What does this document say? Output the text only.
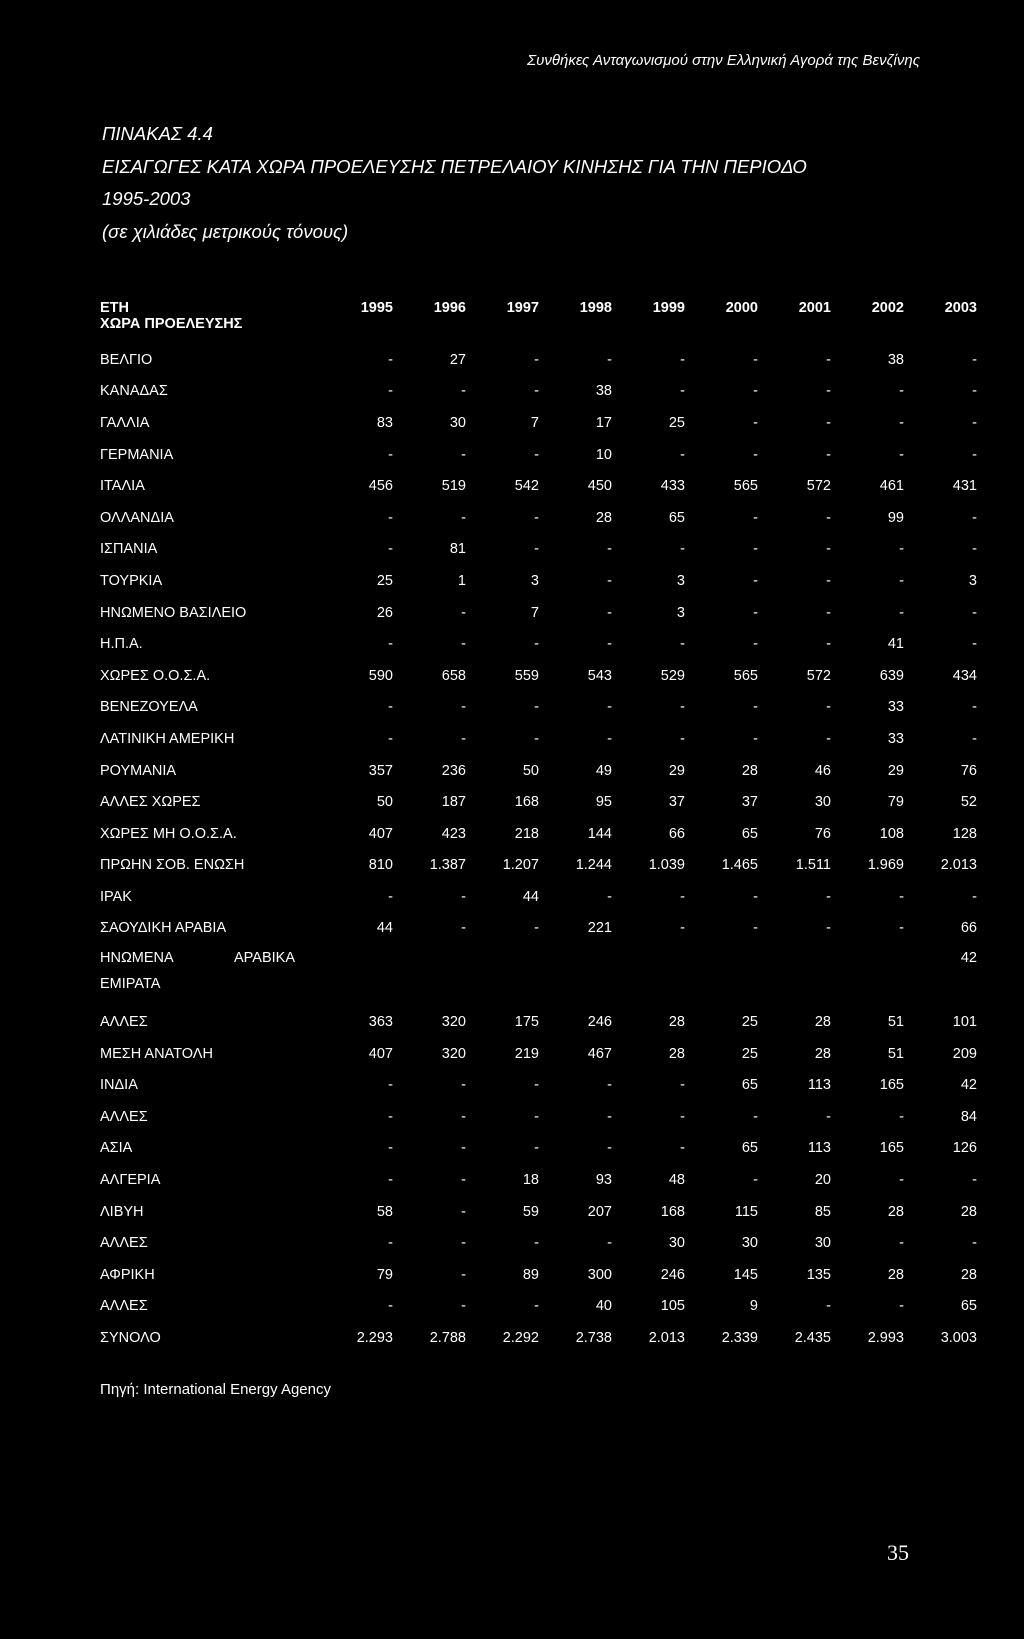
Συνθήκες Ανταγωνισμού στην Ελληνική Αγορά της Βενζίνης
ΠΙΝΑΚΑΣ 4.4
ΕΙΣΑΓΩΓΕΣ ΚΑΤΑ ΧΩΡΑ ΠΡΟΕΛΕΥΣΗΣ ΠΕΤΡΕΛΑΙΟΥ ΚΙΝΗΣΗΣ ΓΙΑ ΤΗΝ ΠΕΡΙΟΔΟ
1995-2003
(σε χιλιάδες μετρικούς τόνους)
ΕΤΗ	1995	1996	1997	1998	1999	2000	2001	2002	2003
ΧΩΡΑ ΠΡΟΕΛΕΥΣΗΣ									
ΒΕΛΓΙΟ	-	27	-	-	-	-	-	38	-
ΚΑΝΑΔΑΣ	-	-	-	38	-	-	-	-	-
ΓΑΛΛΙΑ	83	30	7	17	25	-	-	-	-
ΓΕΡΜΑΝΙΑ	-	-	-	10	-	-	-	-	-
ΙΤΑΛΙΑ	456	519	542	450	433	565	572	461	431
ΟΛΛΑΝΔΙΑ	-	-	-	28	65	-	-	99	-
ΙΣΠΑΝΙΑ	-	81	-	-	-	-	-	-	-
ΤΟΥΡΚΙΑ	25	1	3	-	3	-	-	-	3
ΗΝΩΜΕΝΟ ΒΑΣΙΛΕΙΟ	26	-	7	-	3	-	-	-	-
Η.Π.Α.	-	-	-	-	-	-	-	41	-
ΧΩΡΕΣ Ο.Ο.Σ.Α.	590	658	559	543	529	565	572	639	434
ΒΕΝΕΖΟΥΕΛΑ	-	-	-	-	-	-	-	33	-
ΛΑΤΙΝΙΚΗ ΑΜΕΡΙΚΗ	-	-	-	-	-	-	-	33	-
ΡΟΥΜΑΝΙΑ	357	236	50	49	29	28	46	29	76
ΑΛΛΕΣ ΧΩΡΕΣ	50	187	168	95	37	37	30	79	52
ΧΩΡΕΣ ΜΗ Ο.Ο.Σ.Α.	407	423	218	144	66	65	76	108	128
ΠΡΩΗΝ ΣΟΒ. ΕΝΩΣΗ	810	1.387	1.207	1.244	1.039	1.465	1.511	1.969	2.013
ΙΡΑΚ	-	-	44	-	-	-	-	-	-
ΣΑΟΥΔΙΚΗ ΑΡΑΒΙΑ	44	-	-	221	-	-	-	-	66

ΗΝΩΜΕΝΑ ΑΡΑΒΙΚΑ
ΕΜΙΡΑΤΑ									42
ΑΛΛΕΣ	363	320	175	246	28	25	28	51	101
ΜΕΣΗ ΑΝΑΤΟΛΗ	407	320	219	467	28	25	28	51	209
ΙΝΔΙΑ	-	-	-	-	-	65	113	165	42
ΑΛΛΕΣ	-	-	-	-	-	-	-	-	84
ΑΣΙΑ	-	-	-	-	-	65	113	165	126
ΑΛΓΕΡΙΑ	-	-	18	93	48	-	20	-	-
ΛΙΒΥΗ	58	-	59	207	168	115	85	28	28
ΑΛΛΕΣ	-	-	-	-	30	30	30	-	-
ΑΦΡΙΚΗ	79	-	89	300	246	145	135	28	28
ΑΛΛΕΣ	-	-	-	40	105	9	-	-	65
ΣΥΝΟΛΟ	2.293	2.788	2.292	2.738	2.013	2.339	2.435	2.993	3.003
Πηγή: International Energy Agency
35
